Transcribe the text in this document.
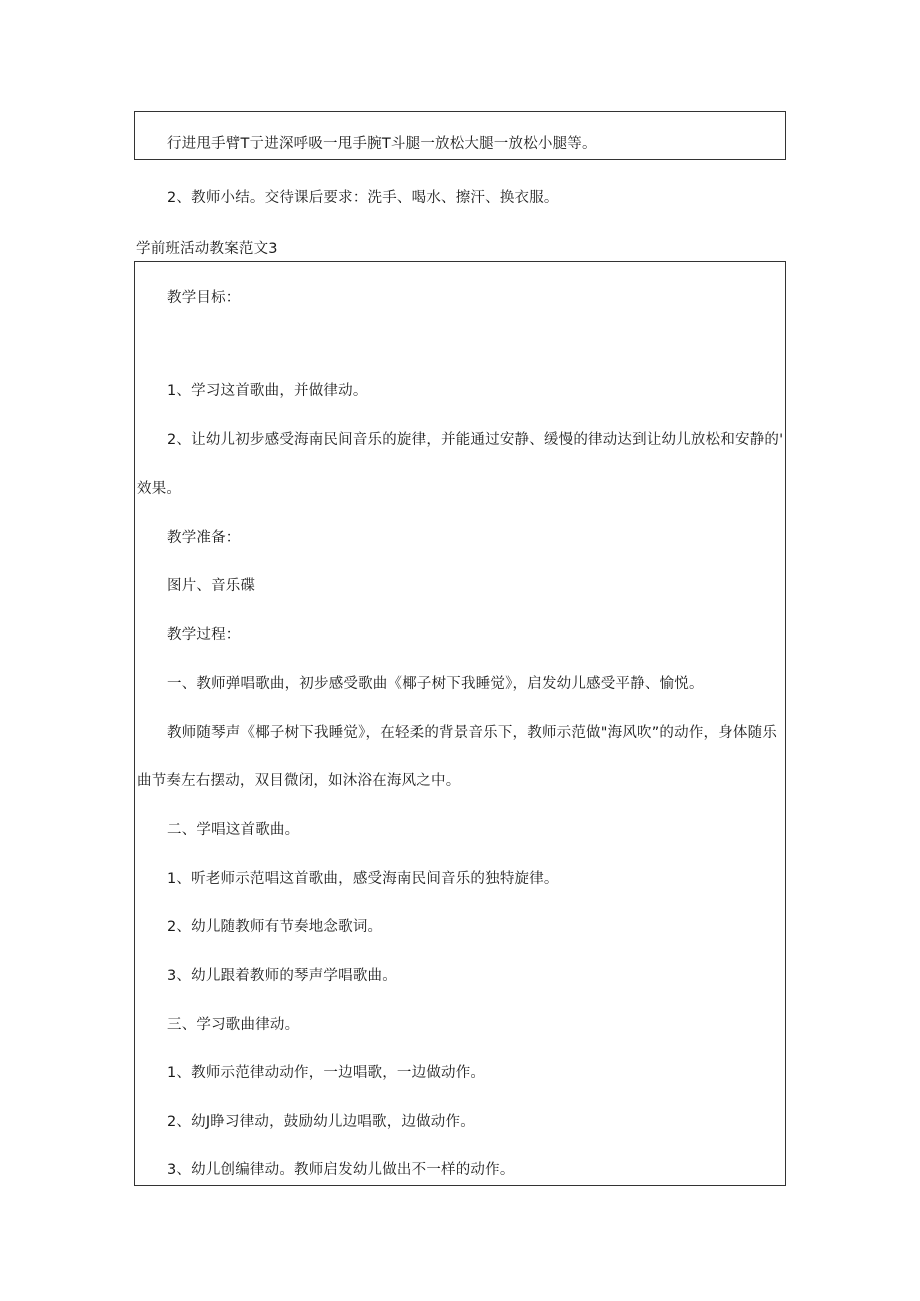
行进甩手臂T亍进深呼吸一甩手腕T斗腿一放松大腿一放松小腿等。
2、教师小结。交待课后要求：洗手、喝水、擦汗、换衣服。
学前班活动教案范文3
教学目标：
1、学习这首歌曲，并做律动。
2、让幼儿初步感受海南民间音乐的旋律，并能通过安静、缓慢的律动达到让幼儿放松和安静的'
效果。
教学准备：
图片、音乐碟
教学过程：
一、教师弹唱歌曲，初步感受歌曲《椰子树下我睡觉》，启发幼儿感受平静、愉悦。
教师随琴声《椰子树下我睡觉》，在轻柔的背景音乐下，教师示范做"海风吹”的动作，身体随乐
曲节奏左右摆动，双目微闭，如沐浴在海风之中。
二、学唱这首歌曲。
1、听老师示范唱这首歌曲，感受海南民间音乐的独特旋律。
2、幼儿随教师有节奏地念歌词。
3、幼儿跟着教师的琴声学唱歌曲。
三、学习歌曲律动。
1、教师示范律动动作，一边唱歌，一边做动作。
2、幼J睁习律动，鼓励幼儿边唱歌，边做动作。
3、幼儿创编律动。教师启发幼儿做出不一样的动作。
